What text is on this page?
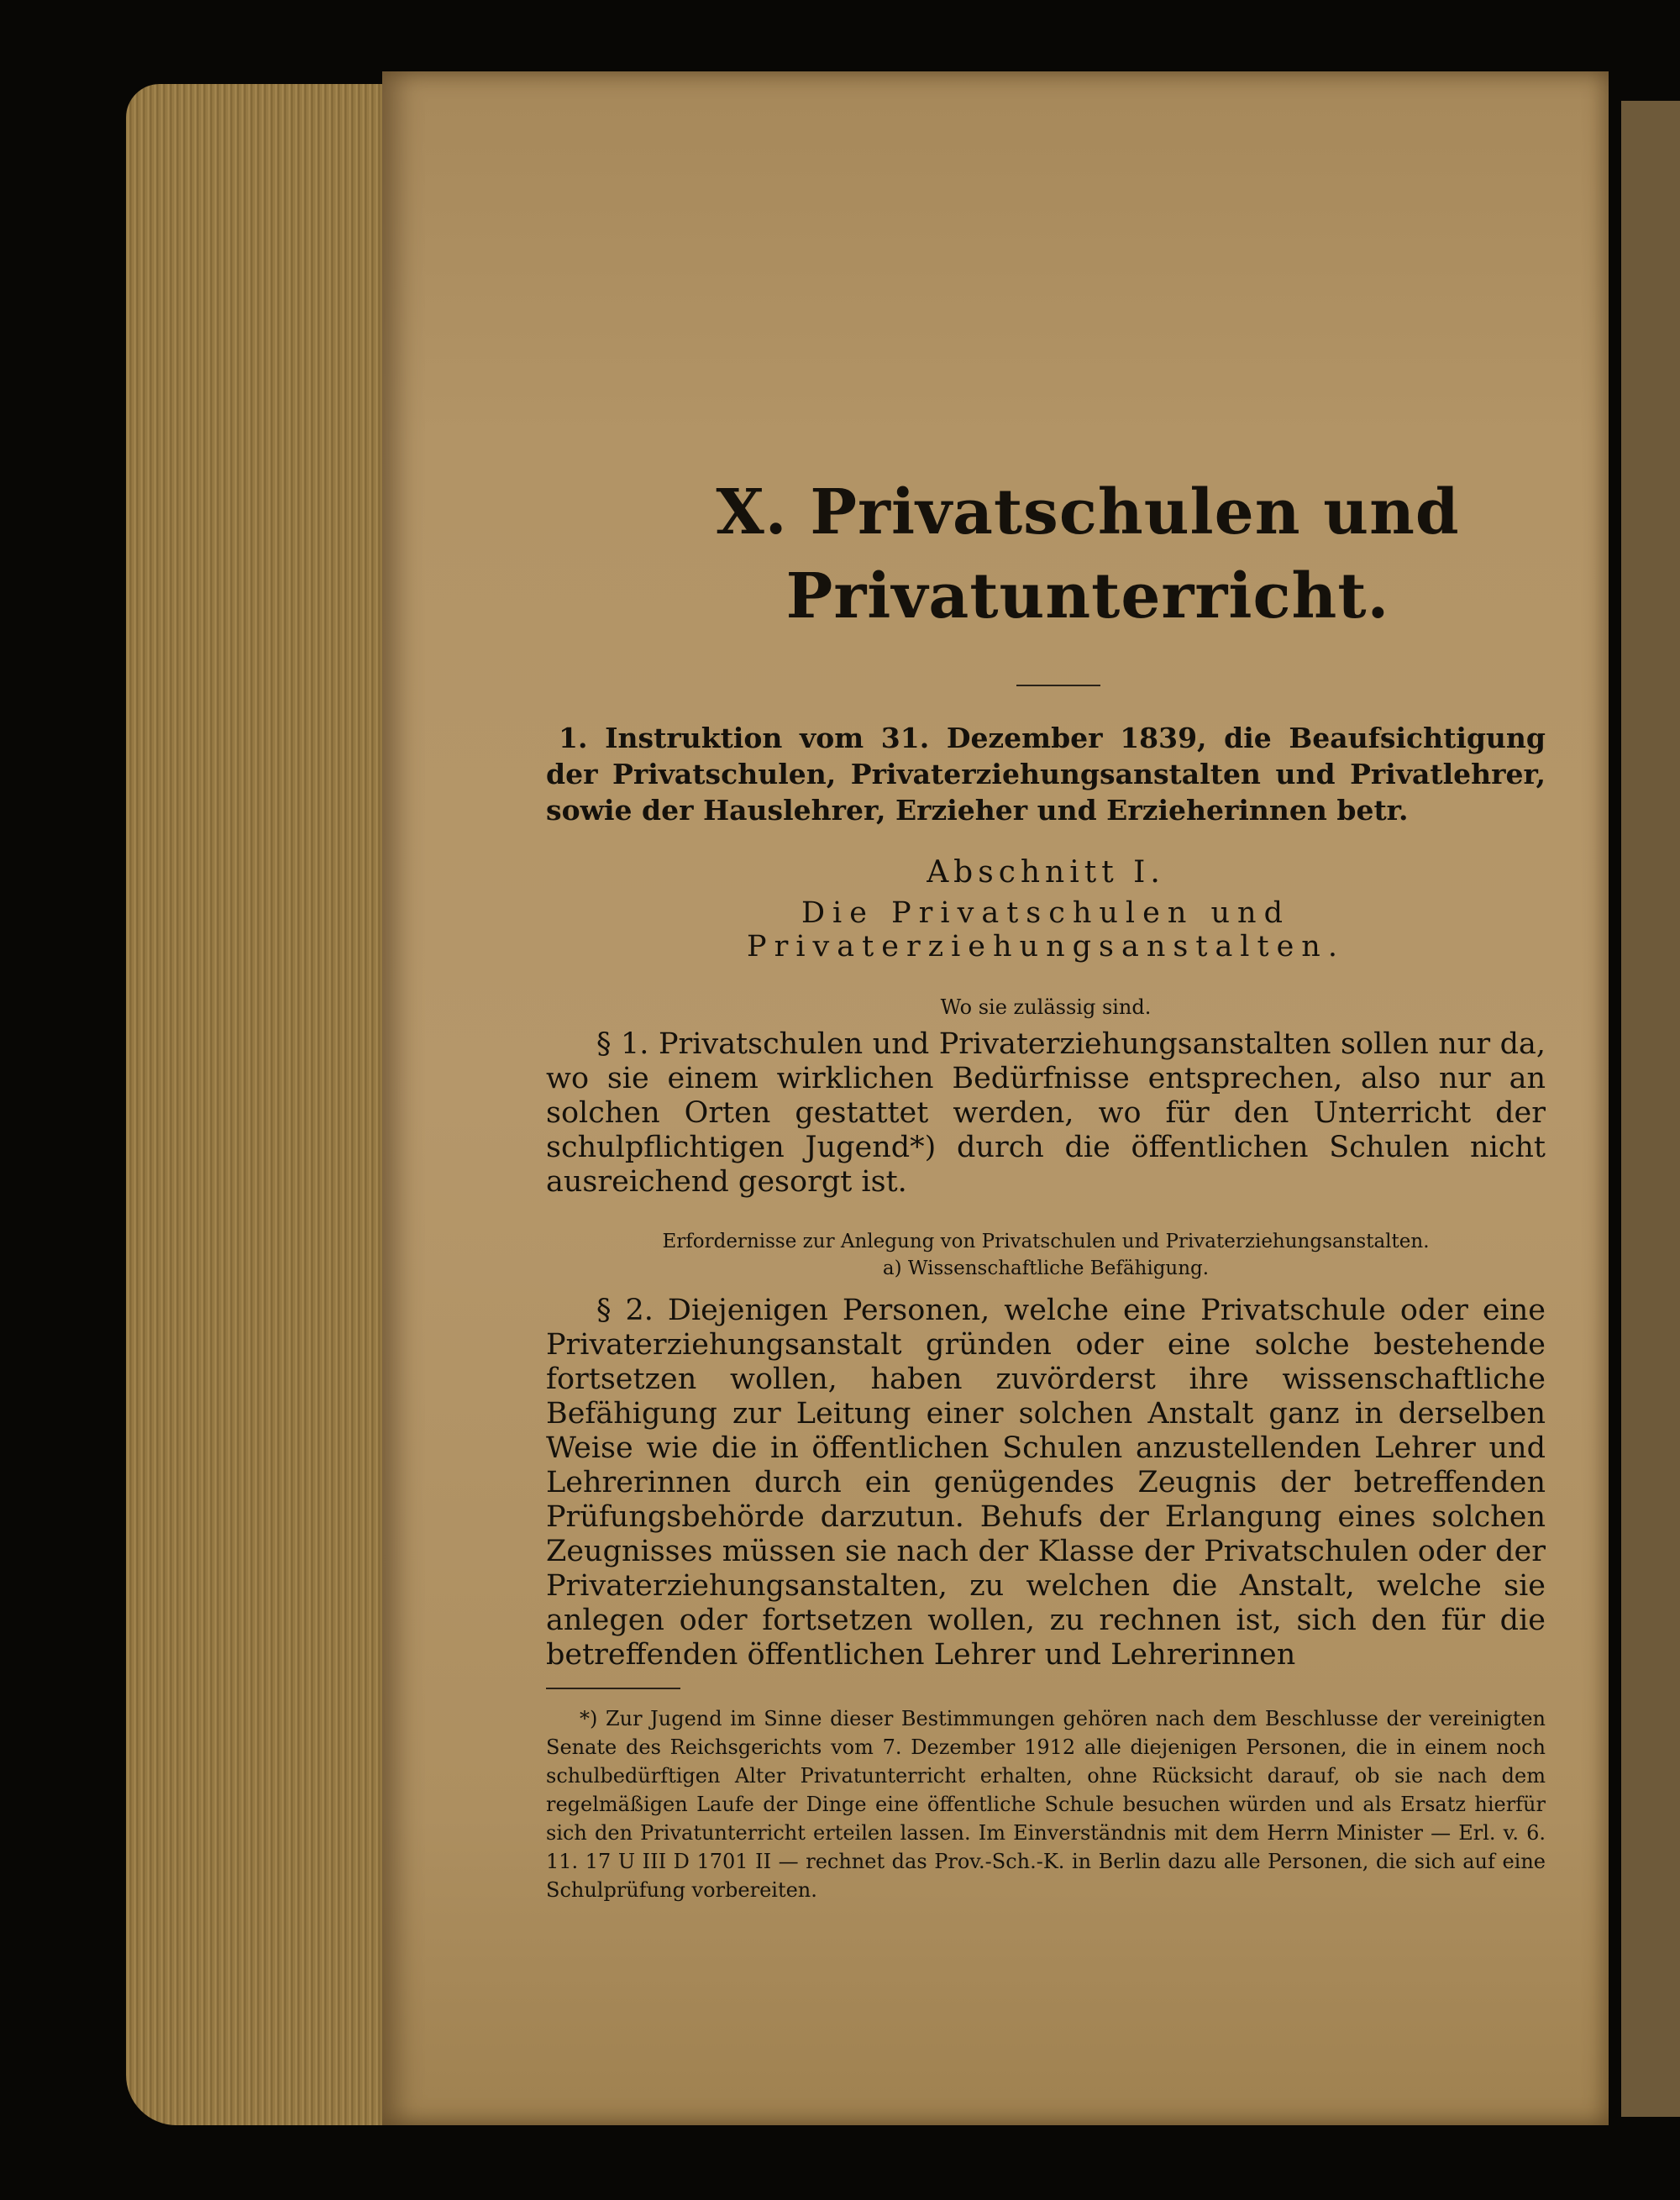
X. Privatschulen und Privatunterricht.

1. Instruktion vom 31. Dezember 1839, die Beaufsichtigung der Privatschulen, Privaterziehungsanstalten und Privatlehrer, sowie der Hauslehrer, Erzieher und Erzieherinnen betr.

Abschnitt I.
Die Privatschulen und Privaterziehungsanstalten.
Wo sie zulässig sind.

§ 1. Privatschulen und Privaterziehungsanstalten sollen nur da, wo sie einem wirklichen Bedürfnisse entsprechen, also nur an solchen Orten gestattet werden, wo für den Unterricht der schulpflichtigen Jugend*) durch die öffentlichen Schulen nicht ausreichend gesorgt ist.

Erfordernisse zur Anlegung von Privatschulen und Privaterziehungsanstalten.
a) Wissenschaftliche Befähigung.

§ 2. Diejenigen Personen, welche eine Privatschule oder eine Privaterziehungsanstalt gründen oder eine solche bestehende fortsetzen wollen, haben zuvörderst ihre wissenschaftliche Befähigung zur Leitung einer solchen Anstalt ganz in derselben Weise wie die in öffentlichen Schulen anzustellenden Lehrer und Lehrerinnen durch ein genügendes Zeugnis der betreffenden Prüfungsbehörde darzutun. Behufs der Erlangung eines solchen Zeugnisses müssen sie nach der Klasse der Privatschulen oder der Privaterziehungsanstalten, zu welchen die Anstalt, welche sie anlegen oder fortsetzen wollen, zu rechnen ist, sich den für die betreffenden öffentlichen Lehrer und Lehrerinnen

*) Zur Jugend im Sinne dieser Bestimmungen gehören nach dem Beschlusse der vereinigten Senate des Reichsgerichts vom 7. Dezember 1912 alle diejenigen Personen, die in einem noch schulbedürftigen Alter Privatunterricht erhalten, ohne Rücksicht darauf, ob sie nach dem regelmäßigen Laufe der Dinge eine öffentliche Schule besuchen würden und als Ersatz hierfür sich den Privatunterricht erteilen lassen. Im Einverständnis mit dem Herrn Minister — Erl. v. 6. 11. 17 U III D 1701 II — rechnet das Prov.-Sch.-K. in Berlin dazu alle Personen, die sich auf eine Schulprüfung vorbereiten.
